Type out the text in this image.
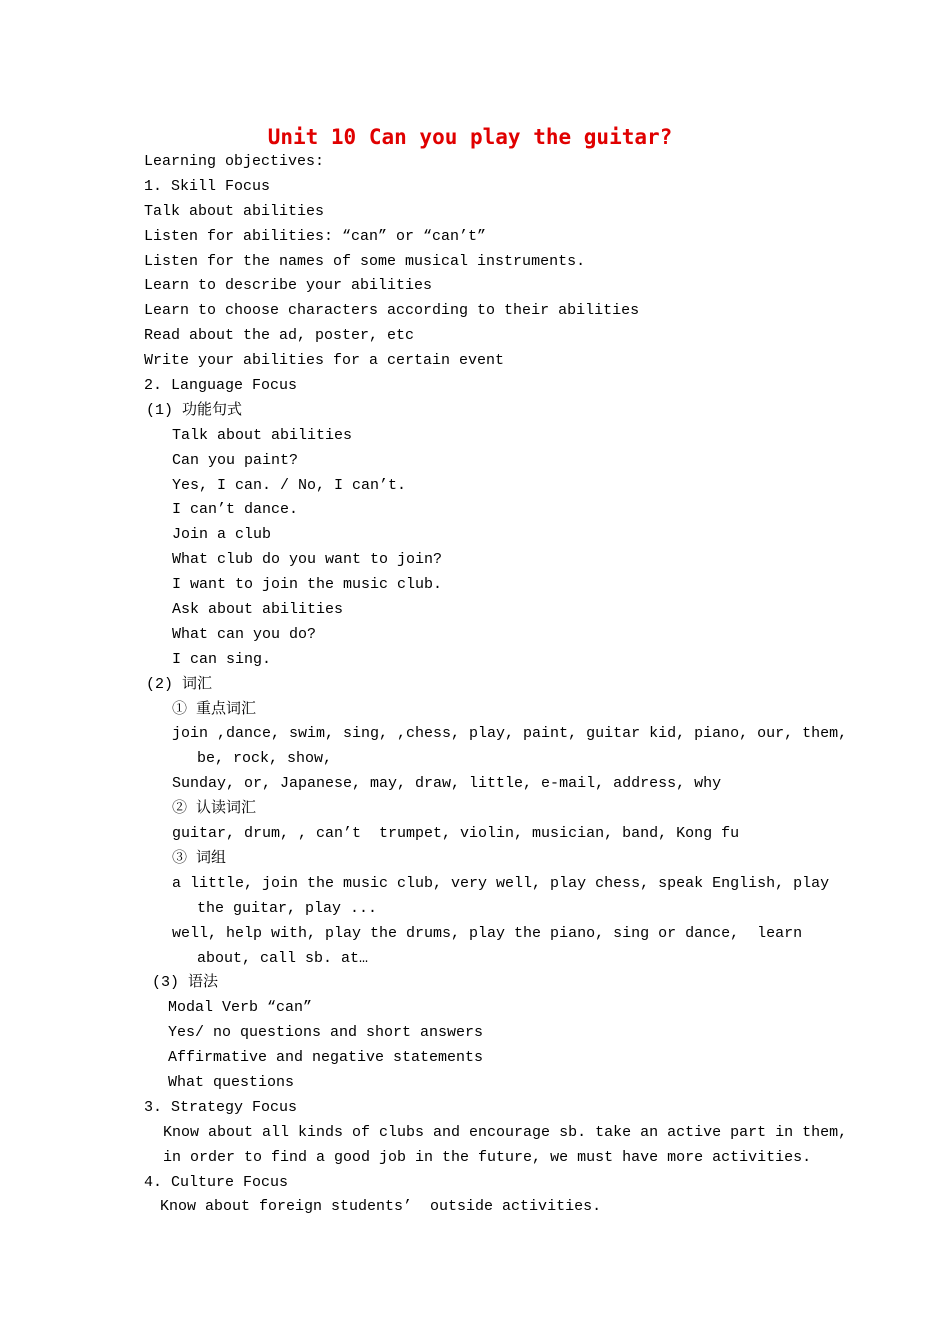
Unit 10 Can you play the guitar?
Learning objectives:
1. Skill Focus
Talk about abilities
Listen for abilities: “can” or “can’t”
Listen for the names of some musical instruments.
Learn to describe your abilities
Learn to choose characters according to their abilities
Read about the ad, poster, etc
Write your abilities for a certain event
2. Language Focus
(1) 功能句式
Talk about abilities
Can you paint?
Yes, I can. / No, I can’t.
I can’t dance.
Join a club
What club do you want to join?
I want to join the music club.
Ask about abilities
What can you do?
I can sing.
(2) 词汇
① 重点词汇
join ,dance, swim, sing, ,chess, play, paint, guitar kid, piano, our, them,
be, rock, show,
Sunday, or, Japanese, may, draw, little, e-mail, address, why
② 认读词汇
guitar, drum, , can’t  trumpet, violin, musician, band, Kong fu
③ 词组
a little, join the music club, very well, play chess, speak English, play
the guitar, play ...
well, help with, play the drums, play the piano, sing or dance,  learn
about, call sb. at…
(3) 语法
Modal Verb “can”
Yes/ no questions and short answers
Affirmative and negative statements
What questions
3. Strategy Focus
Know about all kinds of clubs and encourage sb. take an active part in them,
in order to find a good job in the future, we must have more activities.
4. Culture Focus
Know about foreign students’  outside activities.
